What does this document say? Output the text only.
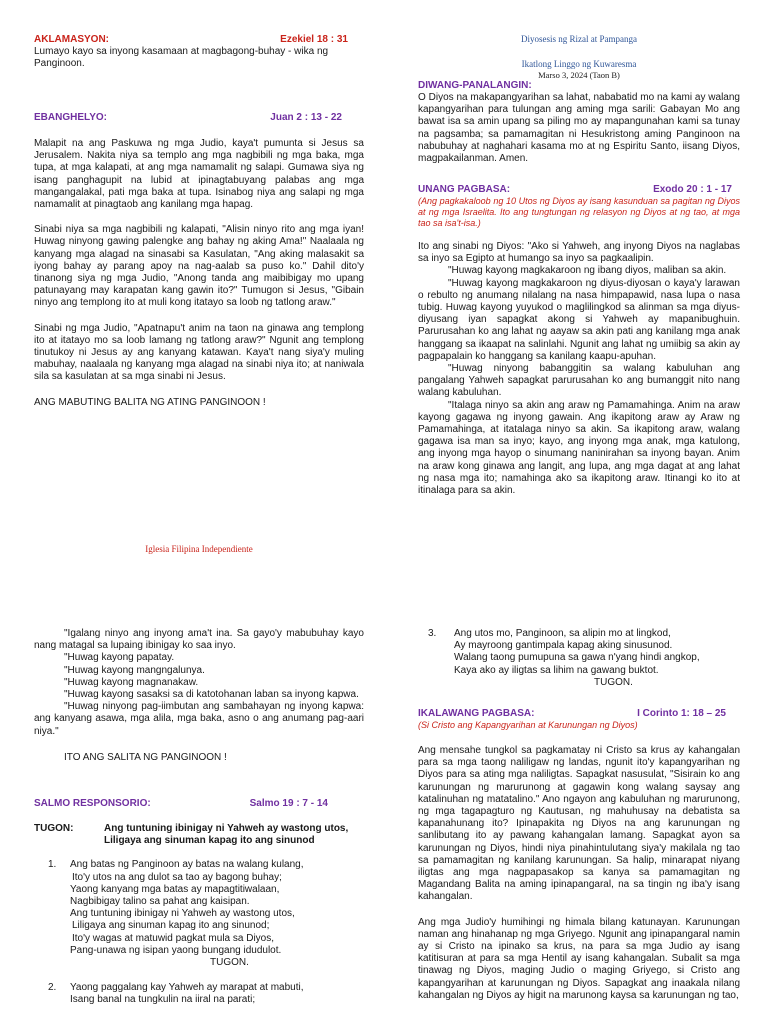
AKLAMASYON:	Ezekiel 18 : 31

Lumayo kayo sa inyong kasamaan at magbagong-buhay - wika ng Panginoon.

EBANGHELYO:	Juan 2 : 13 - 22

Malapit na ang Paskuwa ng mga Judio, kaya't pumunta si Jesus sa Jerusalem. Nakita niya sa templo ang mga nagbibili ng mga baka, mga tupa, at mga kalapati, at ang mga namamalit ng salapi. Gumawa siya ng isang panghagupit na lubid at ipinagtabuyang palabas ang mga mangangalakal, pati mga baka at tupa. Isinabog niya ang salapi ng mga namamalit at pinagtaob ang kanilang mga hapag.

Sinabi niya sa mga nagbibili ng kalapati, "Alisin ninyo rito ang mga iyan! Huwag ninyong gawing palengke ang bahay ng aking Ama!" Naalaala ng kanyang mga alagad na sinasabi sa Kasulatan, "Ang aking malasakit sa iyong bahay ay parang apoy na nag-aalab sa puso ko." Dahil dito'y tinanong siya ng mga Judio, "Anong tanda ang maibibigay mo upang patunayang may karapatan kang gawin ito?" Tumugon si Jesus, "Gibain ninyo ang templong ito at muli kong itatayo sa loob ng tatlong araw."

Sinabi ng mga Judio, "Apatnapu't anim na taon na ginawa ang templong ito at itatayo mo sa loob lamang ng tatlong araw?" Ngunit ang templong tinutukoy ni Jesus ay ang kanyang katawan. Kaya't nang siya'y muling mabuhay, naalaala ng kanyang mga alagad na sinabi niya ito; at naniwala sila sa kasulatan at sa mga sinabi ni Jesus.

ANG MABUTING BALITA NG ATING PANGINOON !

Iglesia Filipina Independiente
Diyosesis ng Rizal at Pampanga
Ikatlong Linggo ng Kuwaresma
Marso 3, 2024 (Taon B)
DIWANG-PANALANGIN:

O Diyos na makapangyarihan sa lahat, nababatid mo na kami ay walang kapangyarihan para tulungan ang aming mga sarili: Gabayan Mo ang bawat isa sa amin upang sa piling mo ay mapangunahan kami sa tunay na pagsamba; sa pamamagitan ni Hesukristong aming Panginoon na nabubuhay at naghahari kasama mo at ng Espiritu Santo, iisang Diyos, magpakailanman. Amen.

UNANG PAGBASA:	Exodo 20 : 1 - 17

(Ang pagkakaloob ng 10 Utos ng Diyos ay isang kasunduan sa pagitan ng Diyos at ng mga Israelita. Ito ang tungtungan ng relasyon ng Diyos at ng tao, at mga tao sa isa't-isa.)

Ito ang sinabi ng Diyos: "Ako si Yahweh, ang inyong Diyos na naglabas sa inyo sa Egipto at humango sa inyo sa pagkaalipin.

"Huwag kayong magkakaroon ng ibang diyos, maliban sa akin.

"Huwag kayong magkakaroon ng diyus-diyosan o kaya'y larawan o rebulto ng anumang nilalang na nasa himpapawid, nasa lupa o nasa tubig. Huwag kayong yuyukod o maglilingkod sa alinman sa mga diyus-diyusang iyan sapagkat akong si Yahweh ay mapanibughuin. Parurusahan ko ang lahat ng aayaw sa akin pati ang kanilang mga anak hanggang sa ikaapat na salinlahi. Ngunit ang lahat ng umiibig sa akin ay pagpapalain ko hanggang sa kanilang kaapu-apuhan.

"Huwag ninyong babanggitin sa walang kabuluhan ang pangalang Yahweh sapagkat parurusahan ko ang bumanggit nito nang walang kabuluhan.

"Italaga ninyo sa akin ang araw ng Pamamahinga. Anim na araw kayong gagawa ng inyong gawain. Ang ikapitong araw ay Araw ng Pamamahinga, at itatalaga ninyo sa akin. Sa ikapitong araw, walang gagawa isa man sa inyo; kayo, ang inyong mga anak, mga katulong, ang inyong mga hayop o sinumang naninirahan sa inyong bayan. Anim na araw kong ginawa ang langit, ang lupa, ang mga dagat at ang lahat ng nasa mga ito; namahinga ako sa ikapitong araw. Itinangi ko ito at itinalaga para sa akin.

"Igalang ninyo ang inyong ama't ina. Sa gayo'y mabubuhay kayo nang matagal sa lupaing ibinigay ko saa inyo.

"Huwag kayong papatay.

"Huwag kayong mangngalunya.

"Huwag kayong magnanakaw.

"Huwag kayong sasaksi sa di katotohanan laban sa inyong kapwa.

"Huwag ninyong pag-iimbutan ang sambahayan ng inyong kapwa: ang kanyang asawa, mga alila, mga baka, asno o ang anumang pag-aari niya."

ITO ANG SALITA NG PANGINOON !

SALMO RESPONSORIO:	Salmo 19 : 7 - 14
TUGON:	Ang tuntuning ibinigay ni Yahweh ay wastong utos,
Liligaya ang sinuman kapag ito ang sinunod
1.	Ang batas ng Panginoon ay batas na walang kulang,
Ito'y utos na ang dulot sa tao ay bagong buhay;
Yaong kanyang mga batas ay mapagtitiwalaan,
Nagbibigay talino sa pahat ang kaisipan.
Ang tuntuning ibinigay ni Yahweh ay wastong utos,
Liligaya ang sinuman kapag ito ang sinunod;
Ito'y wagas at matuwid pagkat mula sa Diyos,
Pang-unawa ng isipan yaong bungang idudulot.
TUGON.
2.	Yaong paggalang kay Yahweh ay marapat at mabuti,
Isang banal na tungkulin na iiral na parati;
3.	Ang utos mo, Panginoon, sa alipin mo at lingkod,
Ay mayroong gantimpala kapag aking sinusunod.
Walang taong pumupuna sa gawa n'yang hindi angkop,
Kaya ako ay iligtas sa lihim na gawang buktot.
TUGON.
IKALAWANG PAGBASA:	I Corinto 1: 18 – 25

(Si Cristo ang Kapangyarihan at Karunungan ng Diyos)

Ang mensahe tungkol sa pagkamatay ni Cristo sa krus ay kahangalan para sa mga taong naliligaw ng landas, ngunit ito'y kapangyarihan ng Diyos para sa ating mga naliligtas. Sapagkat nasusulat, "Sisirain ko ang karunungan ng marurunong at gagawin kong walang saysay ang katalinuhan ng matatalino." Ano ngayon ang kabuluhan ng marurunong, ng mga tagapagturo ng Kautusan, ng mahuhusay na debatista sa kapanahunang ito? Ipinapakita ng Diyos na ang karunungan ng sanlibutang ito ay pawang kahangalan lamang. Sapagkat ayon sa karunungan ng Diyos, hindi niya pinahintulutang siya'y makilala ng tao sa pamamagitan ng kanilang karunungan. Sa halip, minarapat niyang iligtas ang mga nagpapasakop sa kanya sa pamamagitan ng Magandang Balita na aming ipinapangaral, na sa tingin ng iba'y isang kahangalan.

Ang mga Judio'y humihingi ng himala bilang katunayan. Karunungan naman ang hinahanap ng mga Griyego. Ngunit ang ipinapangaral namin ay si Cristo na ipinako sa krus, na para sa mga Judio ay isang katitisuran at para sa mga Hentil ay isang kahangalan. Subalit sa mga tinawag ng Diyos, maging Judio o maging Griyego, si Cristo ang kapangyarihan at karunungan ng Diyos. Sapagkat ang inaakala nilang kahangalan ng Diyos ay higit na marunong kaysa sa karunungan ng tao,
